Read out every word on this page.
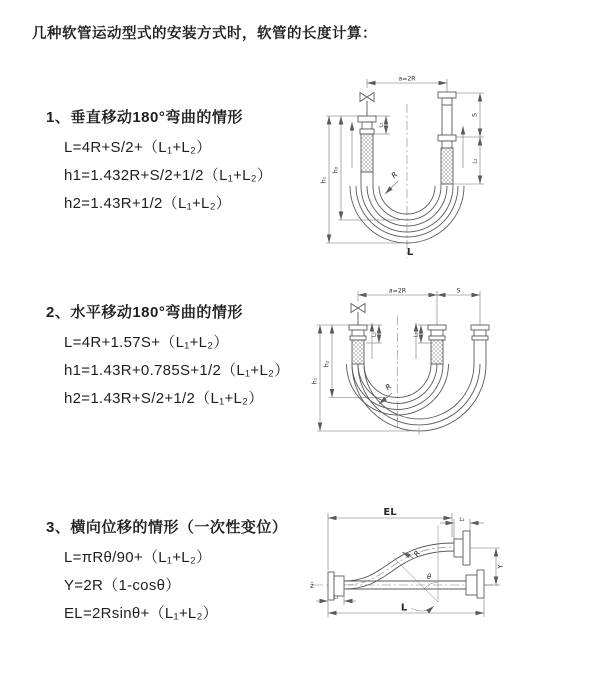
几种软管运动型式的安装方式时，软管的长度计算：
1、垂直移动180°弯曲的情形
L=4R+S/2+（L₁+L₂）
h1=1.432R+S/2+1/2（L₁+L₂）
h2=1.43R+1/2（L₁+L₂）
2、水平移动180°弯曲的情形
L=4R+1.57S+（L₁+L₂）
h1=1.43R+0.785S+1/2（L₁+L₂）
h2=1.43R+S/2+1/2（L₁+L₂）
3、横向位移的情形（一次性变位）
L=πRθ/90+（L₁+L₂）
Y=2R（1-cosθ）
EL=2Rsinθ+（L₁+L₂）
a=2R
h₁
h₂
L₁
S
L₂
R
L
a=2R	S
h₁
h₂
L₁	L₂
R
EL
L₂
Y
L
L₁
z̄
θ
R
